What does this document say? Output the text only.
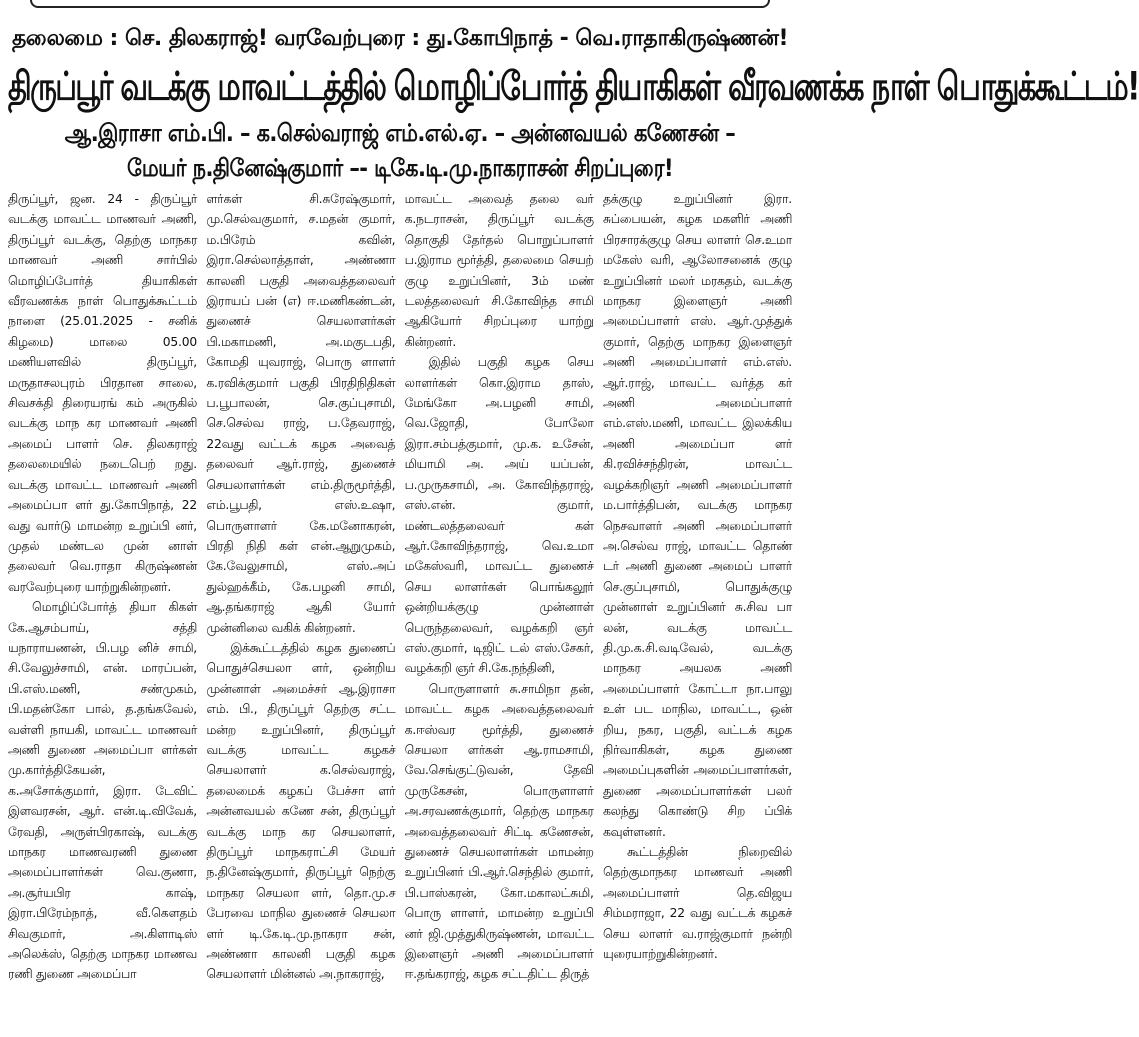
தலைமை : செ. திலகராஜ்! வரவேற்புரை : து.கோபிநாத் - வெ.ராதாகிருஷ்ணன்!
திருப்பூர் வடக்கு மாவட்டத்தில் மொழிப்போர்த் தியாகிகள் வீரவணக்க நாள் பொதுக்கூட்டம்!
ஆ.இராசா எம்.பி. – க.செல்வராஜ் எம்.எல்.ஏ. – அன்னவயல் கணேசன் –
மேயர் ந.தினேஷ்குமார் –- டிகே.டி.மு.நாகராசன் சிறப்புரை!

திருப்பூர், ஜன. 24 - திருப்பூர் வடக்கு மாவட்ட மாணவர் அணி, திருப்பூர் வடக்கு, தெற்கு மாநகர மாணவர் அணி சார்பில் மொழிப்போர்த் தியாகிகள் வீரவணக்க நாள் பொதுக்கூட்டம் நாளை (25.01.2025 - சனிக் கிழமை) மாலை 05.00 மணியளவில் திருப்பூர், மருதாசலபுரம் பிரதான சாலை, சிவசக்தி திரையரங் கம் அருகில் வடக்கு மாந கர மாணவர் அணி அமைப் பாளர் செ. திலகராஜ் தலைமையில் நடைபெற் றது. வடக்கு மாவட்ட மாணவர் அணி அமைப்பா ளர் து.கோபிநாத், 22 வது வார்டு மாமன்ற உறுப்பி னர், முதல் மண்டல முன் னாள் தலைவர் வெ.ராதா கிருஷ்ணன் வரவேற்புரை யாற்றுகின்றனர்.

மொழிப்போர்த் தியா கிகள் கே.ஆசம்பாய், சத்தி யநாராயணன், பி.பழ னிச் சாமி, சி.வேலுச்சாமி, என். மாரப்பன், பி.எஸ்.மணி, சண்முகம், பி.மதன்கோ பால், த.தங்கவேல், வள்ளி நாயகி, மாவட்ட மாணவர் அணி துணை அமைப்பா ளர்கள் மு.கார்த்திகேயன், க.அசோக்குமார், இரா. டேவிட் இளவரசன், ஆர். என்.டி.விவேக், ரேவதி, அருள்பிரகாஷ், வடக்கு மாநகர மாணவரணி துணை அமைப்பாளர்கள் வெ.குணா, அ.சூர்யபிர காஷ், இரா.பிரேம்நாத், வீ.கௌதம் சிவகுமார், அ.கிளாடிஸ் அலெக்ஸ், தெற்கு மாநகர மாணவ ரணி துணை அமைப்பா

ளர்கள் சி.சுரேஷ்குமார், மு.செல்வகுமார், ச.மதன் குமார், ம.பிரேம் கவின், இரா.செல்லாத்தாள், அண்ணா காலனி பகுதி அவைத்தலைவர் இராயப் பன் (எ) ஈ.மணிகண்டன், துணைச் செயலாளர்கள் பி.மகாமணி, அ.மகுடபதி, கோமதி யுவராஜ், பொரு ளாளர் க.ரவிக்குமார் பகுதி பிரதிநிதிகள் ப.பூபாலன், செ.குப்புசாமி, செ.செல்வ ராஜ், ப.தேவராஜ், 22வது வட்டக் கழக அவைத் தலைவர் ஆர்.ராஜ், துணைச் செயலாளர்கள் எம்.திருமூர்த்தி, எம்.பூபதி, எஸ்.உஷா, பொருளாளர் கே.மனோகரன், பிரதி நிதி கள் என்.ஆறுமுகம், கே.வேலுசாமி, எஸ்.அப் துல்ஹக்கீம், கே.பழனி சாமி, ஆ.தங்கராஜ் ஆகி யோர் முன்னிலை வகிக் கின்றனர்.

இக்கூட்டத்தில் கழக துணைப் பொதுச்செயலா ளர், ஒன்றிய முன்னாள் அமைச்சர் ஆ.இராசா எம். பி., திருப்பூர் தெற்கு சட்ட மன்ற உறுப்பினர், திருப்பூர் வடக்கு மாவட்ட கழகச் செயலாளர் க.செல்வராஜ், தலைமைக் கழகப் பேச்சா ளர் அன்னவயல் கணே சன், திருப்பூர் வடக்கு மாந கர செயலாளர், திருப்பூர் மாநகராட்சி மேயர் ந.தினேஷ்குமார், திருப்பூர் நெற்கு மாநகர செயலா ளர், தொ.மு.ச பேரவை மாநில துணைச் செயலா ளர் டி.கே.டி.மு.நாகரா சன், அண்ணா காலனி பகுதி கழக செயலாளர் மின்னல் அ.நாகராஜ்,

மாவட்ட அவைத் தலை வர் க.நடராசன், திருப்பூர் வடக்கு தொகுதி தேர்தல் பொறுப்பாளர் ப.இராம மூர்த்தி, தலைமை செயற் குழு உறுப்பினர், 3ம் மண் டலத்தலைவர் சி.கோவிந்த சாமி ஆகியோர் சிறப்புரை யாற்று கின்றனர்.

இதில் பகுதி கழக செய லாளர்கள் கொ.இராம தாஸ், மேங்கோ அ.பழனி சாமி, வெ.ஜோதி, போலோ இரா.சம்பத்குமார், மு.க. உசேன், மியாமி அ. அய் யப்பன், ப.முருகசாமி, அ. கோவிந்தராஜ், எஸ்.என். குமார், மண்டலத்தலைவர் கள் ஆர்.கோவிந்தராஜ், வெ.உமா மகேஸ்வரி, மாவட்ட துணைச் செய லாளர்கள் பொங்கலூர் ஒன்றியக்குழு முன்னாள் பெருந்தலைவர், வழக்கறி ஞர் எஸ்.குமார், டிஜிட் டல் எஸ்.சேகர், வழக்கறி ஞர் சி.கே.நந்தினி,

பொருளாளர் சு.சாமிநா தன், மாவட்ட கழக அவைத்தலைவர் க.ஈஸ்வர மூர்த்தி, துணைச் செயலா ளர்கள் ஆ.ராமசாமி, வே.செங்குட்டுவன், தேவி முருகேசன், பொருளாளர் அ.சரவணக்குமார், தெற்கு மாநகர அவைத்தலைவர் சிட்டி கணேசன், துணைச் செயலாளர்கள் மாமன்ற உறுப்பினர் பி.ஆர்.செந்தில் குமார், பி.பாஸ்கரன், கோ.மகாலட்சுமி, பொரு ளாளர், மாமன்ற உறுப்பி னர் ஜி.முத்துகிருஷ்ணன், மாவட்ட இளைஞர் அணி அமைப்பாளர் ஈ.தங்கராஜ், கழக சட்டதிட்ட திருத்

தக்குழு உறுப்பினர் இரா. சுப்பையன், கழக மகளிர் அணி பிரசாரக்குழு செய லாளர் செ.உமா மகேஸ் வரி, ஆலோசனைக் குழு உறுப்பினர் மலர் மரகதம், வடக்கு மாநகர இளைஞர் அணி அமைப்பாளர் எஸ். ஆர்.முத்துக் குமார், தெற்கு மாநகர இளைஞர் அணி அமைப்பாளர் எம்.எஸ். ஆர்.ராஜ், மாவட்ட வர்த்த கர் அணி அமைப்பாளர் எம்.எஸ்.மணி, மாவட்ட இலக்கிய அணி அமைப்பா ளர் கி.ரவிச்சந்திரன், மாவட்ட வழக்கறிஞர் அணி அமைப்பாளர் ம.பார்த்திபன், வடக்கு மாநகர நெசவாளர் அணி அமைப்பாளர் அ.செல்வ ராஜ், மாவட்ட தொண் டர் அணி துணை அமைப் பாளர் செ.குப்புசாமி, பொதுக்குழு முன்னாள் உறுப்பினர் சு.சிவ பா லன், வடக்கு மாவட்ட தி.மு.க.சி.வடிவேல், வடக்கு மாநகர அயலக அணி அமைப்பாளர் கோட்டா நா.பாலு உள் பட மாநில, மாவட்ட, ஒன் றிய, நகர, பகுதி, வட்டக் கழக நிர்வாகிகள், கழக துணை அமைப்புகளின் அமைப்பாளர்கள், துணை அமைப்பாளர்கள் பலர் கலந்து கொண்டு சிற ப்பிக் கவுள்ளனர்.

கூட்டத்தின் நிறைவில் தெற்குமாநகர மாணவர் அணி அமைப்பாளர் தெ.விஜய சிம்மராஜா, 22 வது வட்டக் கழகச் செய லாளர் வ.ராஜ்குமார் நன்றி யுரையாற்றுகின்றனர்.
